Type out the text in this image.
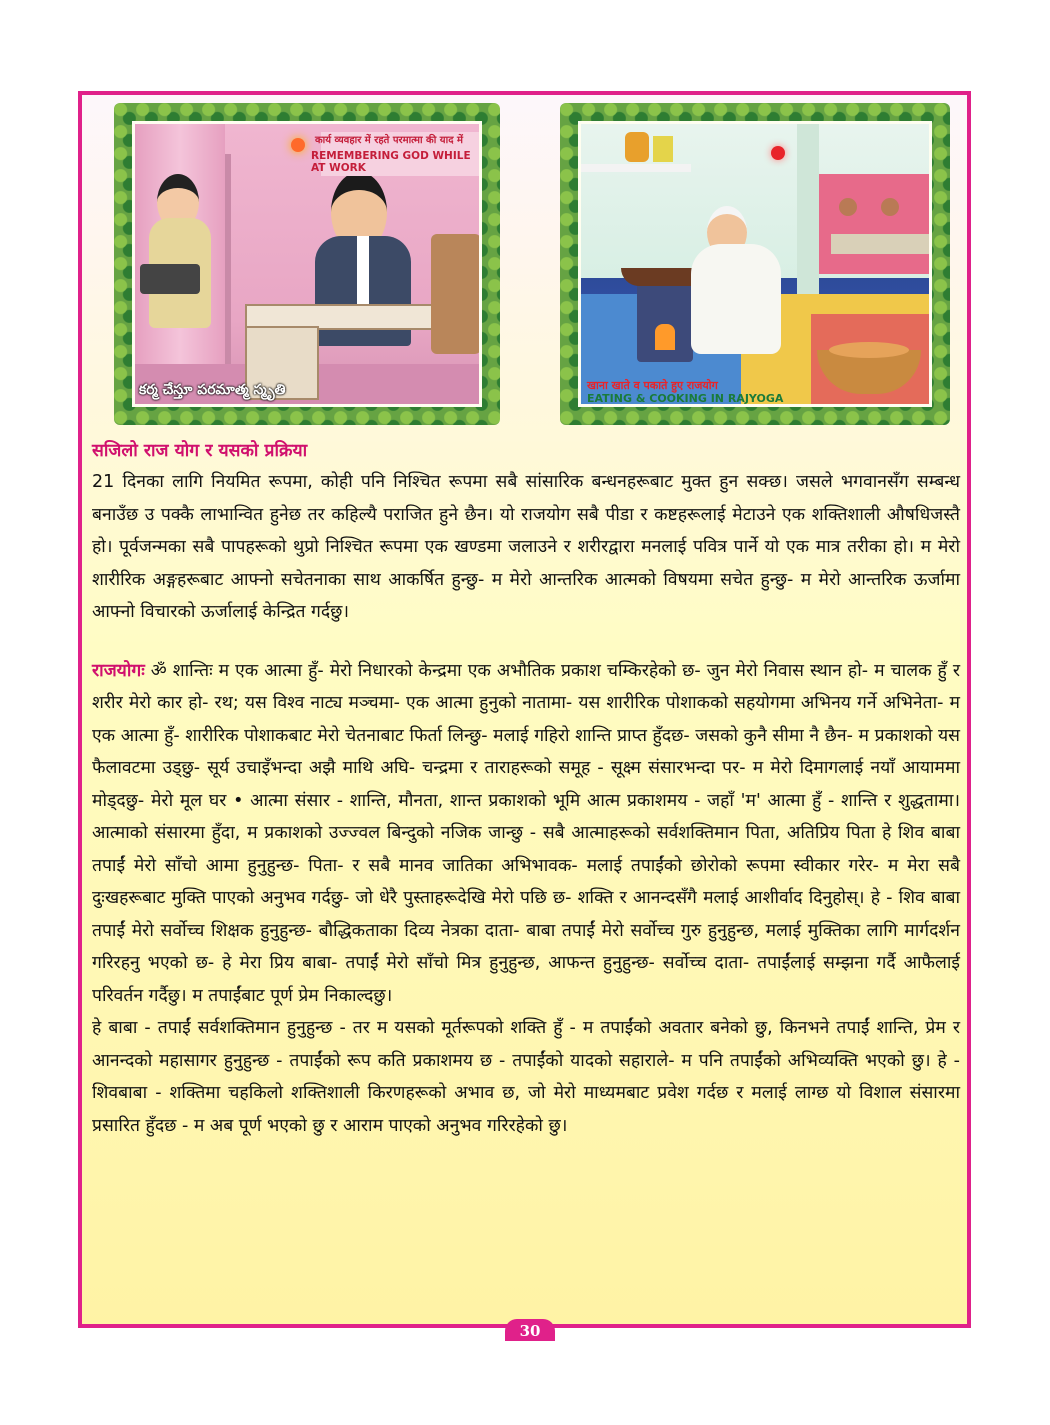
कार्य व्यवहार में रहते परमात्मा की याद में
REMEMBERING GOD WHILE AT WORK
కర్మ చేస్తూ పరమాత్మ స్మృతి	खाना खाते व पकाते हुए राजयोग
EATING & COOKING IN RAJYOGA
सजिलो राज योग र यसको प्रक्रिया

21 दिनका लागि नियमित रूपमा, कोही पनि निश्चित रूपमा सबै सांसारिक बन्धनहरूबाट मुक्त हुन सक्छ। जसले भगवानसँग सम्बन्ध बनाउँछ उ पक्कै लाभान्वित हुनेछ तर कहिल्यै पराजित हुने छैन। यो राजयोग सबै पीडा र कष्टहरूलाई मेटाउने एक शक्तिशाली औषधिजस्तै हो। पूर्वजन्मका सबै पापहरूको थुप्रो निश्चित रूपमा एक खण्डमा जलाउने र शरीरद्वारा मनलाई पवित्र पार्ने यो एक मात्र तरीका हो। म मेरो शारीरिक अङ्गहरूबाट आफ्नो सचेतनाका साथ आकर्षित हुन्छु- म मेरो आन्तरिक आत्मको विषयमा सचेत हुन्छु- म मेरो आन्तरिक ऊर्जामा आफ्नो विचारको ऊर्जालाई केन्द्रित गर्दछु।

राजयोगः ॐ शान्तिः म एक आत्मा हुँ- मेरो निधारको केन्द्रमा एक अभौतिक प्रकाश चम्किरहेको छ- जुन मेरो निवास स्थान हो- म चालक हुँ र शरीर मेरो कार हो- रथ; यस विश्व नाट्य मञ्चमा- एक आत्मा हुनुको नातामा- यस शारीरिक पोशाकको सहयोगमा अभिनय गर्ने अभिनेता- म एक आत्मा हुँ- शारीरिक पोशाकबाट मेरो चेतनाबाट फिर्ता लिन्छु- मलाई गहिरो शान्ति प्राप्त हुँदछ- जसको कुनै सीमा नै छैन- म प्रकाशको यस फैलावटमा उड्छु- सूर्य उचाइँभन्दा अझै माथि अघि- चन्द्रमा र ताराहरूको समूह - सूक्ष्म संसारभन्दा पर- म मेरो दिमागलाई नयाँ आयाममा मोड्दछु- मेरो मूल घर • आत्मा संसार - शान्ति, मौनता, शान्त प्रकाशको भूमि आत्म प्रकाशमय - जहाँ 'म' आत्मा हुँ - शान्ति र शुद्धतामा। आत्माको संसारमा हुँदा, म प्रकाशको उज्ज्वल बिन्दुको नजिक जान्छु - सबै आत्माहरूको सर्वशक्तिमान पिता, अतिप्रिय पिता हे शिव बाबा तपाईं मेरो साँचो आमा हुनुहुन्छ- पिता- र सबै मानव जातिका अभिभावक- मलाई तपाईंको छोरोको रूपमा स्वीकार गरेर- म मेरा सबै दुःखहरूबाट मुक्ति पाएको अनुभव गर्दछु- जो धेरै पुस्ताहरूदेखि मेरो पछि छ- शक्ति र आनन्दसँगै मलाई आशीर्वाद दिनुहोस्। हे - शिव बाबा तपाईं मेरो सर्वोच्च शिक्षक हुनुहुन्छ- बौद्धिकताका दिव्य नेत्रका दाता- बाबा तपाईं मेरो सर्वोच्च गुरु हुनुहुन्छ, मलाई मुक्तिका लागि मार्गदर्शन गरिरहनु भएको छ- हे मेरा प्रिय बाबा- तपाईं मेरो साँचो मित्र हुनुहुन्छ, आफन्त हुनुहुन्छ- सर्वोच्च दाता- तपाईंलाई सम्झना गर्दै आफैलाई परिवर्तन गर्दैछु। म तपाईंबाट पूर्ण प्रेम निकाल्दछु।

हे बाबा - तपाईं सर्वशक्तिमान हुनुहुन्छ - तर म यसको मूर्तरूपको शक्ति हुँ - म तपाईंको अवतार बनेको छु, किनभने तपाईं शान्ति, प्रेम र आनन्दको महासागर हुनुहुन्छ - तपाईंको रूप कति प्रकाशमय छ - तपाईंको यादको सहाराले- म पनि तपाईंको अभिव्यक्ति भएको छु। हे - शिवबाबा - शक्तिमा चहकिलो शक्तिशाली किरणहरूको अभाव छ, जो मेरो माध्यमबाट प्रवेश गर्दछ र मलाई लाग्छ यो विशाल संसारमा प्रसारित हुँदछ - म अब पूर्ण भएको छु र आराम पाएको अनुभव गरिरहेको छु।

30
